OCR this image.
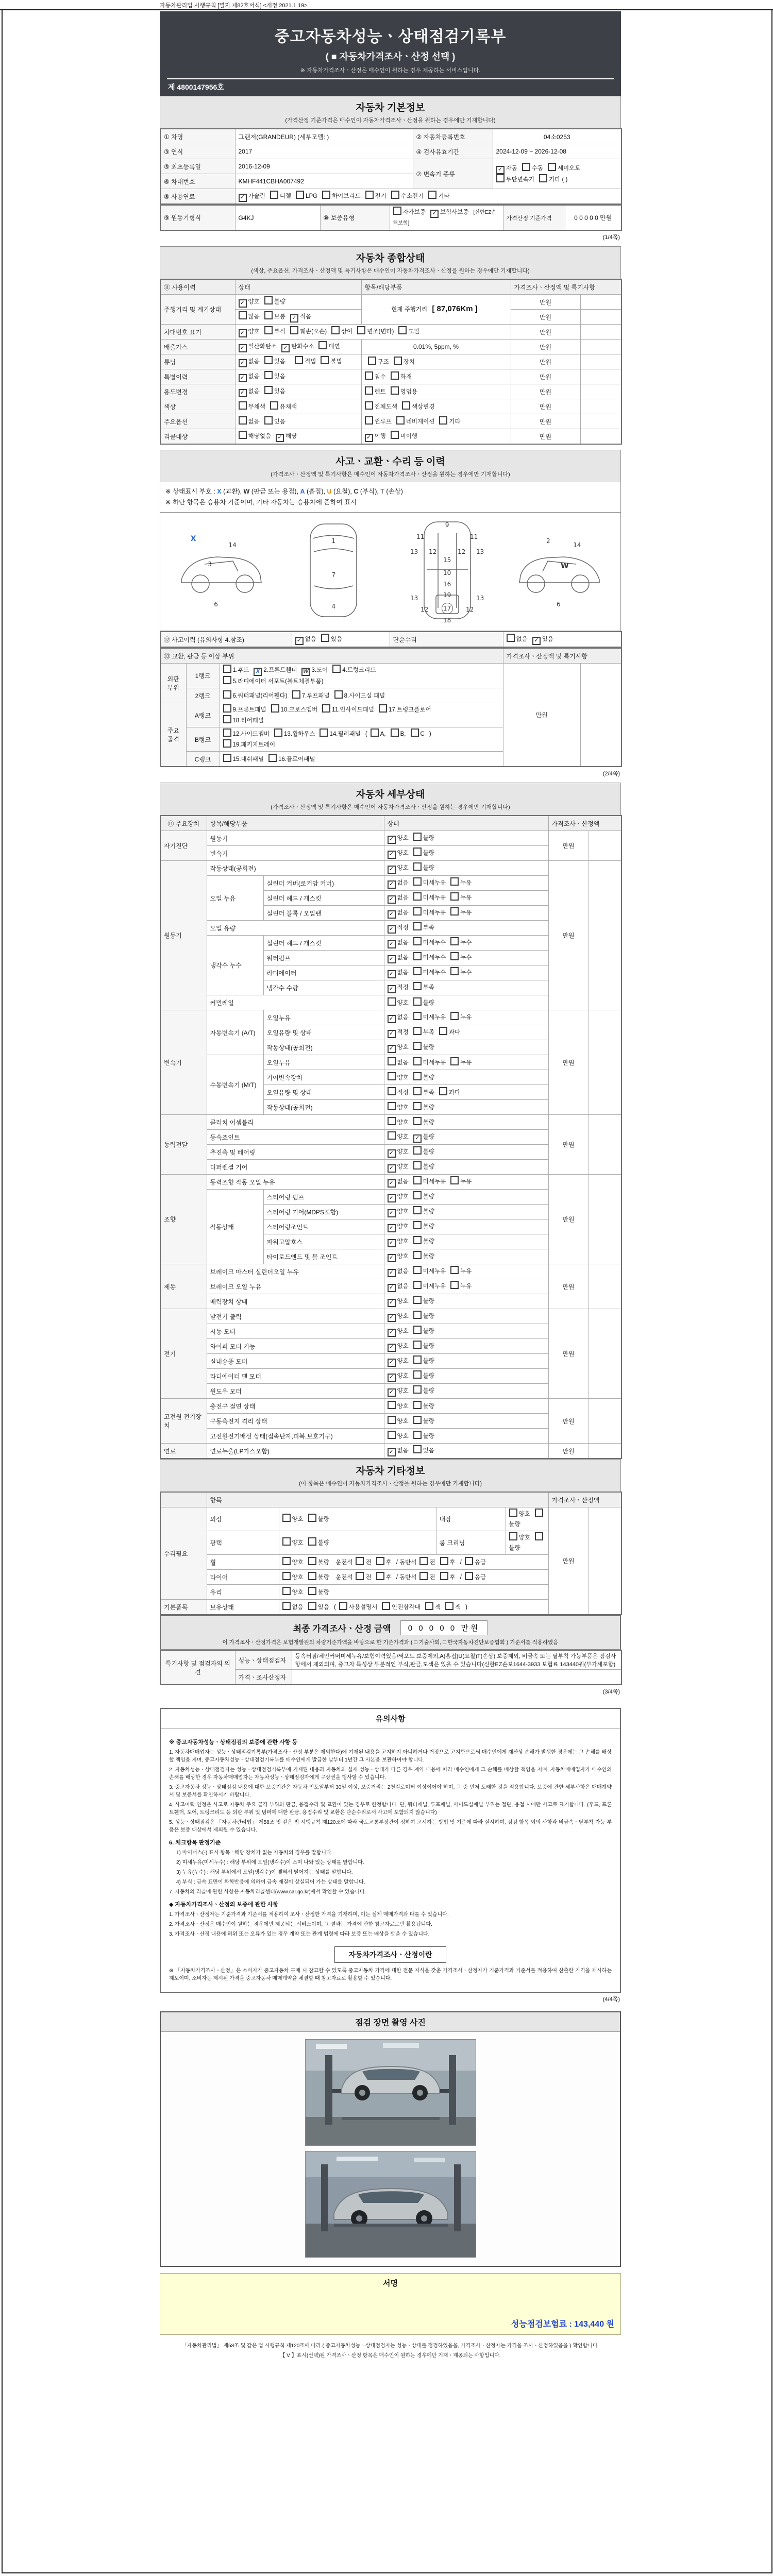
자동차관리법 시행규칙 [별지 제82호서식] <개정 2021.1.19>
중고자동차성능ㆍ상태점검기록부
( ■ 자동차가격조사ㆍ산정 선택 )
※ 자동차가격조사ㆍ산정은 매수인이 원하는 경우 제공하는 서비스입니다.
제 4800147956호
자동차 기본정보
(가격산정 기준가격은 매수인이 자동차가격조사ㆍ산정을 원하는 경우에만 기재합니다)
① 차명	그랜저(GRANDEUR) (세부모델: )	② 자동차등록번호	04소0253
③ 연식	2017	④ 검사유효기간	2024-12-09 ~ 2026-12-08
⑤ 최초등록일	2016-12-09	⑦ 변속기 종류	✓ 자동 수동 세미오토
무단변속기 기타 ( )
⑥ 차대번호	KMHF441CBHA007492		
⑧ 사용연료	✓ 가솔린 디젤 LPG 하이브리드 전기 수소전기 기타		
⑨ 원동기형식	G4KJ	⑩ 보증유형	자가보증 ✓ 보험사보증 [신한EZ손해보험]	가격산정 기준가격	0 0 0 0 0 만원
(1/4쪽)
자동차 종합상태
(색상, 주요옵션, 가격조사ㆍ산정액 및 특기사항은 매수인이 자동차가격조사ㆍ산정을 원하는 경우에만 기재합니다)
⑪ 사용이력	상태	항목/해당부품	가격조사ㆍ산정액 및 특기사항	
주행거리 및 계기상태	✓ 양호 불량	현재 주행거리 [ 87,076Km ]	만원	
	많음 보통 ✓ 적음		만원	
차대번호 표기	✓ 양호 부식 훼손(오손) 상이 변조(변타) 도말		만원	
배출가스	✓ 일산화탄소 ✓ 탄화수소 매연	0.01%, 5ppm, %	만원	
튜닝	✓ 없음 있음 적법 불법	구조 장치	만원	
특별이력	✓ 없음 있음	침수 화재	만원	
용도변경	✓ 없음 있음	렌트 영업용	만원	
색상	무채색 유채색	전체도색 색상변경	만원	
주요옵션	없음 있음	썬루프 네비게이션 기타	만원	
리콜대상	해당없음 ✓ 해당	✓ 이행 미이행	만원	
사고ㆍ교환ㆍ수리 등 이력
(가격조사ㆍ산정액 및 특기사항은 매수인이 자동차가격조사ㆍ산정을 원하는 경우에만 기재합니다)
※ 상태표시 부호 : X (교환), W (판금 또는 용접), A (흠집), U (요철), C (부식), T (손상)
※ 하단 항목은 승용차 기준이며, 기타 자동차는 승용차에 준하여 표시
X
14
3
6
1
7
4
9
11	11
13 12	12 13
15
10
16
19
13	13
12	12
17
18
2
14
W
6
⑫ 사고이력 (유의사항 4.참조)	✓ 없음 있음	단순수리	없음 ✓ 있음
⑬ 교환, 판금 등 이상 부위			가격조사ㆍ산정액 및 특기사항	
외판 부위	1랭크	1.후드 X 2.프론트휀더 W 3.도어 4.트렁크리드
5.라디에이터 서포트(볼트체결부품)	만원	
	2랭크	6.쿼터패널(리어휀다) 7.루프패널 8.사이드실 패널		
주요 골격	A랭크	9.프론트패널 10.크로스멤버 11.인사이드패널 17.트렁크플로어
18.리어패널		
	B랭크	12.사이드멤버 13.휠하우스 14.필러패널 ( A, B, C )
19.패키지트레이		
	C랭크	15.대쉬패널 16.플로어패널		
(2/4쪽)
자동차 세부상태
(가격조사ㆍ산정액 및 특기사항은 매수인이 자동차가격조사ㆍ산정을 원하는 경우에만 기재합니다)
⑭ 주요장치	항목/해당부품		상태	가격조사ㆍ산정액	
자기진단	원동기		✓ 양호 불량	만원	
	변속기		✓ 양호 불량		
원동기	작동상태(공회전)		✓ 양호 불량	만원	
	오일 누유	실린더 커버(로커암 커버)	✓ 없음 미세누유 누유		
		실린더 헤드 / 개스킷	✓ 없음 미세누유 누유		
		실린더 블록 / 오일팬	✓ 없음 미세누유 누유		
	오일 유량		✓ 적정 부족		
	냉각수 누수	실린더 헤드 / 개스킷	✓ 없음 미세누수 누수		
		워터펌프	✓ 없음 미세누수 누수		
		라디에이터	✓ 없음 미세누수 누수		
		냉각수 수량	✓ 적정 부족		
	커먼레일		양호 불량		
변속기	자동변속기 (A/T)	오일누유	✓ 없음 미세누유 누유	만원	
		오일유량 및 상태	✓ 적정 부족 과다		
		작동상태(공회전)	✓ 양호 불량		
	수동변속기 (M/T)	오일누유	없음 미세누유 누유		
		기어변속장치	양호 불량		
		오일유량 및 상태	적정 부족 과다		
		작동상태(공회전)	양호 불량		
동력전달	클러치 어셈블리		양호 불량	만원	
	등속죠인트		양호 ✓ 불량		
	추진축 및 베어링		✓ 양호 불량		
	디퍼렌셜 기어		✓ 양호 불량		
조향	동력조향 작동 오일 누유		✓ 없음 미세누유 누유	만원	
	작동상태	스티어링 펌프	✓ 양호 불량		
		스티어링 기어(MDPS포함)	✓ 양호 불량		
		스티어링조인트	✓ 양호 불량		
		파워고압호스	✓ 양호 불량		
		타이로드엔드 및 볼 조인트	✓ 양호 불량		
제동	브레이크 마스터 실린더오일 누유		✓ 없음 미세누유 누유	만원	
	브레이크 오일 누유		✓ 없음 미세누유 누유		
	배력장치 상태		✓ 양호 불량		
전기	발전기 출력		✓ 양호 불량	만원	
	시동 모터		✓ 양호 불량		
	와이퍼 모터 기능		✓ 양호 불량		
	실내송풍 모터		✓ 양호 불량		
	라디에이터 팬 모터		✓ 양호 불량		
	윈도우 모터		✓ 양호 불량		
고전원 전기장치	충전구 절연 상태		양호 불량	만원	
	구동축전지 격리 상태		양호 불량		
	고전원전기배선 상태(접속단자,피복,보호기구)		양호 불량		
연료	연료누출(LP가스포함)		✓ 없음 있음	만원	
자동차 기타정보
(이 항목은 매수인이 자동차가격조사ㆍ산정을 원하는 경우에만 기재합니다)
	항목				가격조사ㆍ산정액	
수리필요	외장	양호 불량	내장	양호불량	만원	
	광택	양호 불량	룸 크리닝	양호불량		
	휠	양호 불량 운전석 전 후 / 동반석 전 후 / 응급				
	타이어	양호 불량 운전석 전 후 / 동반석 전 후 / 응급				
	유리	양호 불량				
기본품목	보유상태	없음 있음 ( 사용설명서 안전삼각대 잭 잭 )				
최종 가격조사ㆍ산정 금액	0 0 0 0 0 만원
이 가격조사ㆍ산정가격은 보험개발원의 차량기준가액을 바탕으로 한 기준가격과 ( □ 기술사회, □ 한국자동차진단보증협회 ) 기준서를 적용하였음
특기사항 및 점검자의 의견	성능ㆍ상태점검자	등속터짐/체인커버미세누유/보험이력있음/써포트 보증제외,A(흠집)U(요철)T(손상) 보증제외, 비금속 또는 탈부착 가능부품은 점검사항에서 제외되며, 중고차 특성상 부분적인 부식,판금,도색은 있을 수 있습니다(신한EZ손보1644-3933 보험료 143440원(부가세포함)
	가격ㆍ조사산정자	
(3/4쪽)
유의사항
※ 중고자동차성능ㆍ상태점검의 보증에 관한 사항 등
1. 자동차매매업자는 성능ㆍ상태점검기록부(가격조사ㆍ산정 부분은 제외한다)에 기재된 내용을 고지하지 아니하거나 거짓으로 고지함으로써 매수인에게 재산상 손해가 발생한 경우에는 그 손해를 배상할 책임을 지며, 중고자동차성능ㆍ상태점검기록부를 매수인에게 발급한 날부터 1년간 그 사본을 보관하여야 합니다.
2. 자동차성능ㆍ상태점검자는 성능ㆍ상태점검기록부에 기재된 내용과 자동차의 실제 성능ㆍ상태가 다른 경우 계약 내용에 따라 매수인에게 그 손해를 배상할 책임을 지며, 자동차매매업자가 매수인의 손해를 배상한 경우 자동차매매업자는 자동차성능ㆍ상태점검자에게 구상권을 행사할 수 있습니다.
3. 중고자동차 성능ㆍ상태점검 내용에 대한 보증기간은 자동차 인도일부터 30일 이상, 보증거리는 2천킬로미터 이상이어야 하며, 그 중 먼저 도래한 것을 적용합니다. 보증에 관한 세부사항은 매매계약서 및 보증서를 확인하시기 바랍니다.
4. 사고이력 인정은 사고로 자동차 주요 골격 부위의 판금, 용접수리 및 교환이 있는 경우로 한정합니다. 단, 쿼터패널, 루프패널, 사이드실패널 부위는 절단, 용접 시에만 사고로 표기합니다. (후드, 프론트휀더, 도어, 트렁크리드 등 외판 부위 및 범퍼에 대한 판금, 용접수리 및 교환은 단순수리로서 사고에 포함되지 않습니다)
5. 성능ㆍ상태점검은 「자동차관리법」 제58조 및 같은 법 시행규칙 제120조에 따라 국토교통부장관이 정하여 고시하는 방법 및 기준에 따라 실시하며, 점검 항목 외의 사항과 비금속ㆍ탈부착 가능 부품은 보증 대상에서 제외될 수 있습니다.
6. 체크항목 판정기준
1) 마이너스(-) 표시 항목 : 해당 장치가 없는 자동차의 경우를 말합니다.
2) 미세누유(미세누수) : 해당 부위에 오일(냉각수)이 스며 나와 있는 상태를 말합니다.
3) 누유(누수) : 해당 부위에서 오일(냉각수)이 맺혀서 떨어지는 상태를 말합니다.
4) 부식 : 금속 표면이 화학반응에 의하여 금속 재질이 상실되어 가는 상태를 말합니다.
7. 자동차의 리콜에 관한 사항은 자동차리콜센터(www.car.go.kr)에서 확인할 수 있습니다.
◆ 자동차가격조사ㆍ산정의 보증에 관한 사항
1. 가격조사ㆍ산정자는 기준가격과 기준서를 적용하여 조사ㆍ산정한 가격을 기재하며, 이는 실제 매매가격과 다를 수 있습니다.
2. 가격조사ㆍ산정은 매수인이 원하는 경우에만 제공되는 서비스이며, 그 결과는 가격에 관한 참고자료로만 활용됩니다.
3. 가격조사ㆍ산정 내용에 허위 또는 오류가 있는 경우 계약 또는 관계 법령에 따라 보증 또는 배상을 받을 수 있습니다.
자동차가격조사ㆍ산정이란
※ 「자동차가격조사ㆍ산정」은 소비자가 중고자동차 구매 시 참고할 수 있도록 중고자동차 가격에 대한 전문 지식을 갖춘 가격조사ㆍ산정자가 기준가격과 기준서를 적용하여 산출한 가격을 제시하는 제도이며, 소비자는 제시된 가격을 중고자동차 매매계약을 체결할 때 참고자료로 활용할 수 있습니다.
(4/4쪽)
점검 장면 촬영 사진
서명
성능점검보험료 : 143,440 원
「자동차관리법」 제58조 및 같은 법 시행규칙 제120조에 따라 ( 중고자동차성능ㆍ상태점검자는 성능ㆍ상태를 점검하였음을, 가격조사ㆍ산정자는 가격을 조사ㆍ산정하였음을 ) 확인합니다.
【 V 】표시(선택)된 가격조사ㆍ산정 항목은 매수인이 원하는 경우에만 기재ㆍ제공되는 사항입니다.
